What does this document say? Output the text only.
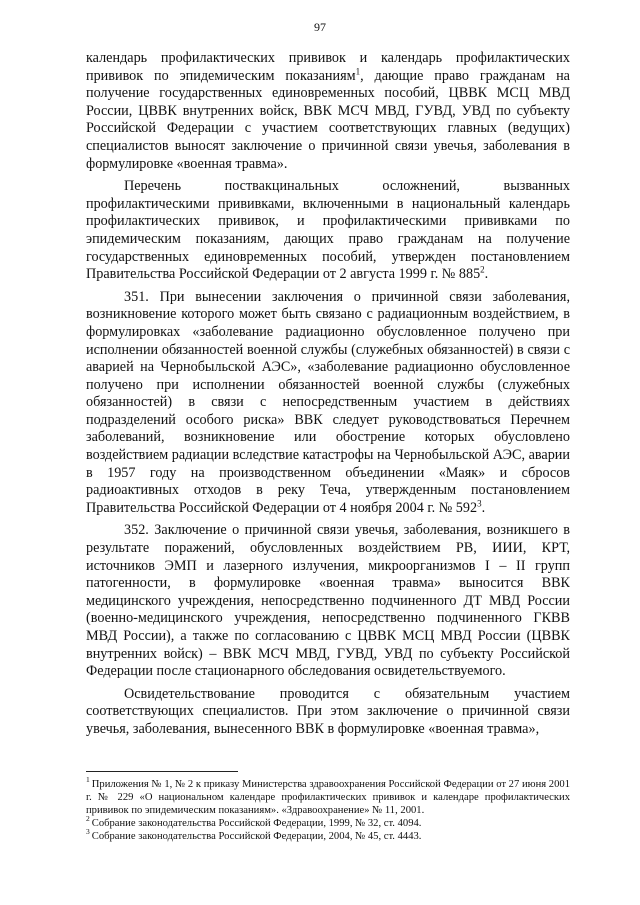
97

календарь профилактических прививок и календарь профилактических прививок по эпидемическим показаниям$^1$, дающие право гражданам на получение государственных единовременных пособий, ЦВВК МСЦ МВД России, ЦВВК внутренних войск, ВВК МСЧ МВД, ГУВД, УВД по субъекту Российской Федерации с участием соответствующих главных (ведущих) специалистов выносят заключение о причинной связи увечья, заболевания в формулировке «военная травма».

Перечень поствакцинальных осложнений, вызванных профилактическими прививками, включенными в национальный календарь профилактических прививок, и профилактическими прививками по эпидемическим показаниям, дающих право гражданам на получение государственных единовременных пособий, утвержден постановлением Правительства Российской Федерации от 2 августа 1999 г. № 885$^2$.

351. При вынесении заключения о причинной связи заболевания, возникновение которого может быть связано с радиационным воздействием, в формулировках «заболевание радиационно обусловленное получено при исполнении обязанностей военной службы (служебных обязанностей) в связи с аварией на Чернобыльской АЭС», «заболевание радиационно обусловленное получено при исполнении обязанностей военной службы (служебных обязанностей) в связи с непосредственным участием в действиях подразделений особого риска» ВВК следует руководствоваться Перечнем заболеваний, возникновение или обострение которых обусловлено воздействием радиации вследствие катастрофы на Чернобыльской АЭС, аварии в 1957 году на производственном объединении «Маяк» и сбросов радиоактивных отходов в реку Теча, утвержденным постановлением Правительства Российской Федерации от 4 ноября 2004 г. № 592$^3$.

352. Заключение о причинной связи увечья, заболевания, возникшего в результате поражений, обусловленных воздействием РВ, ИИИ, КРТ, источников ЭМП и лазерного излучения, микроорганизмов I – II групп патогенности, в формулировке «военная травма» выносится ВВК медицинского учреждения, непосредственно подчиненного ДТ МВД России (военно-медицинского учреждения, непосредственно подчиненного ГКВВ МВД России), а также по согласованию с ЦВВК МСЦ МВД России (ЦВВК внутренних войск) – ВВК МСЧ МВД, ГУВД, УВД по субъекту Российской Федерации после стационарного обследования освидетельствуемого.

Освидетельствование проводится с обязательным участием соответствующих специалистов. При этом заключение о причинной связи увечья, заболевания, вынесенного ВВК в формулировке «военная травма»,

$^1$ Приложения № 1, № 2 к приказу Министерства здравоохранения Российской Федерации от 27 июня 2001 г. № 229 «О национальном календаре профилактических прививок и календаре профилактических прививок по эпидемическим показаниям». «Здравоохранение» № 11, 2001.
$^2$ Собрание законодательства Российской Федерации, 1999, № 32, ст. 4094.
$^3$ Собрание законодательства Российской Федерации, 2004, № 45, ст. 4443.
